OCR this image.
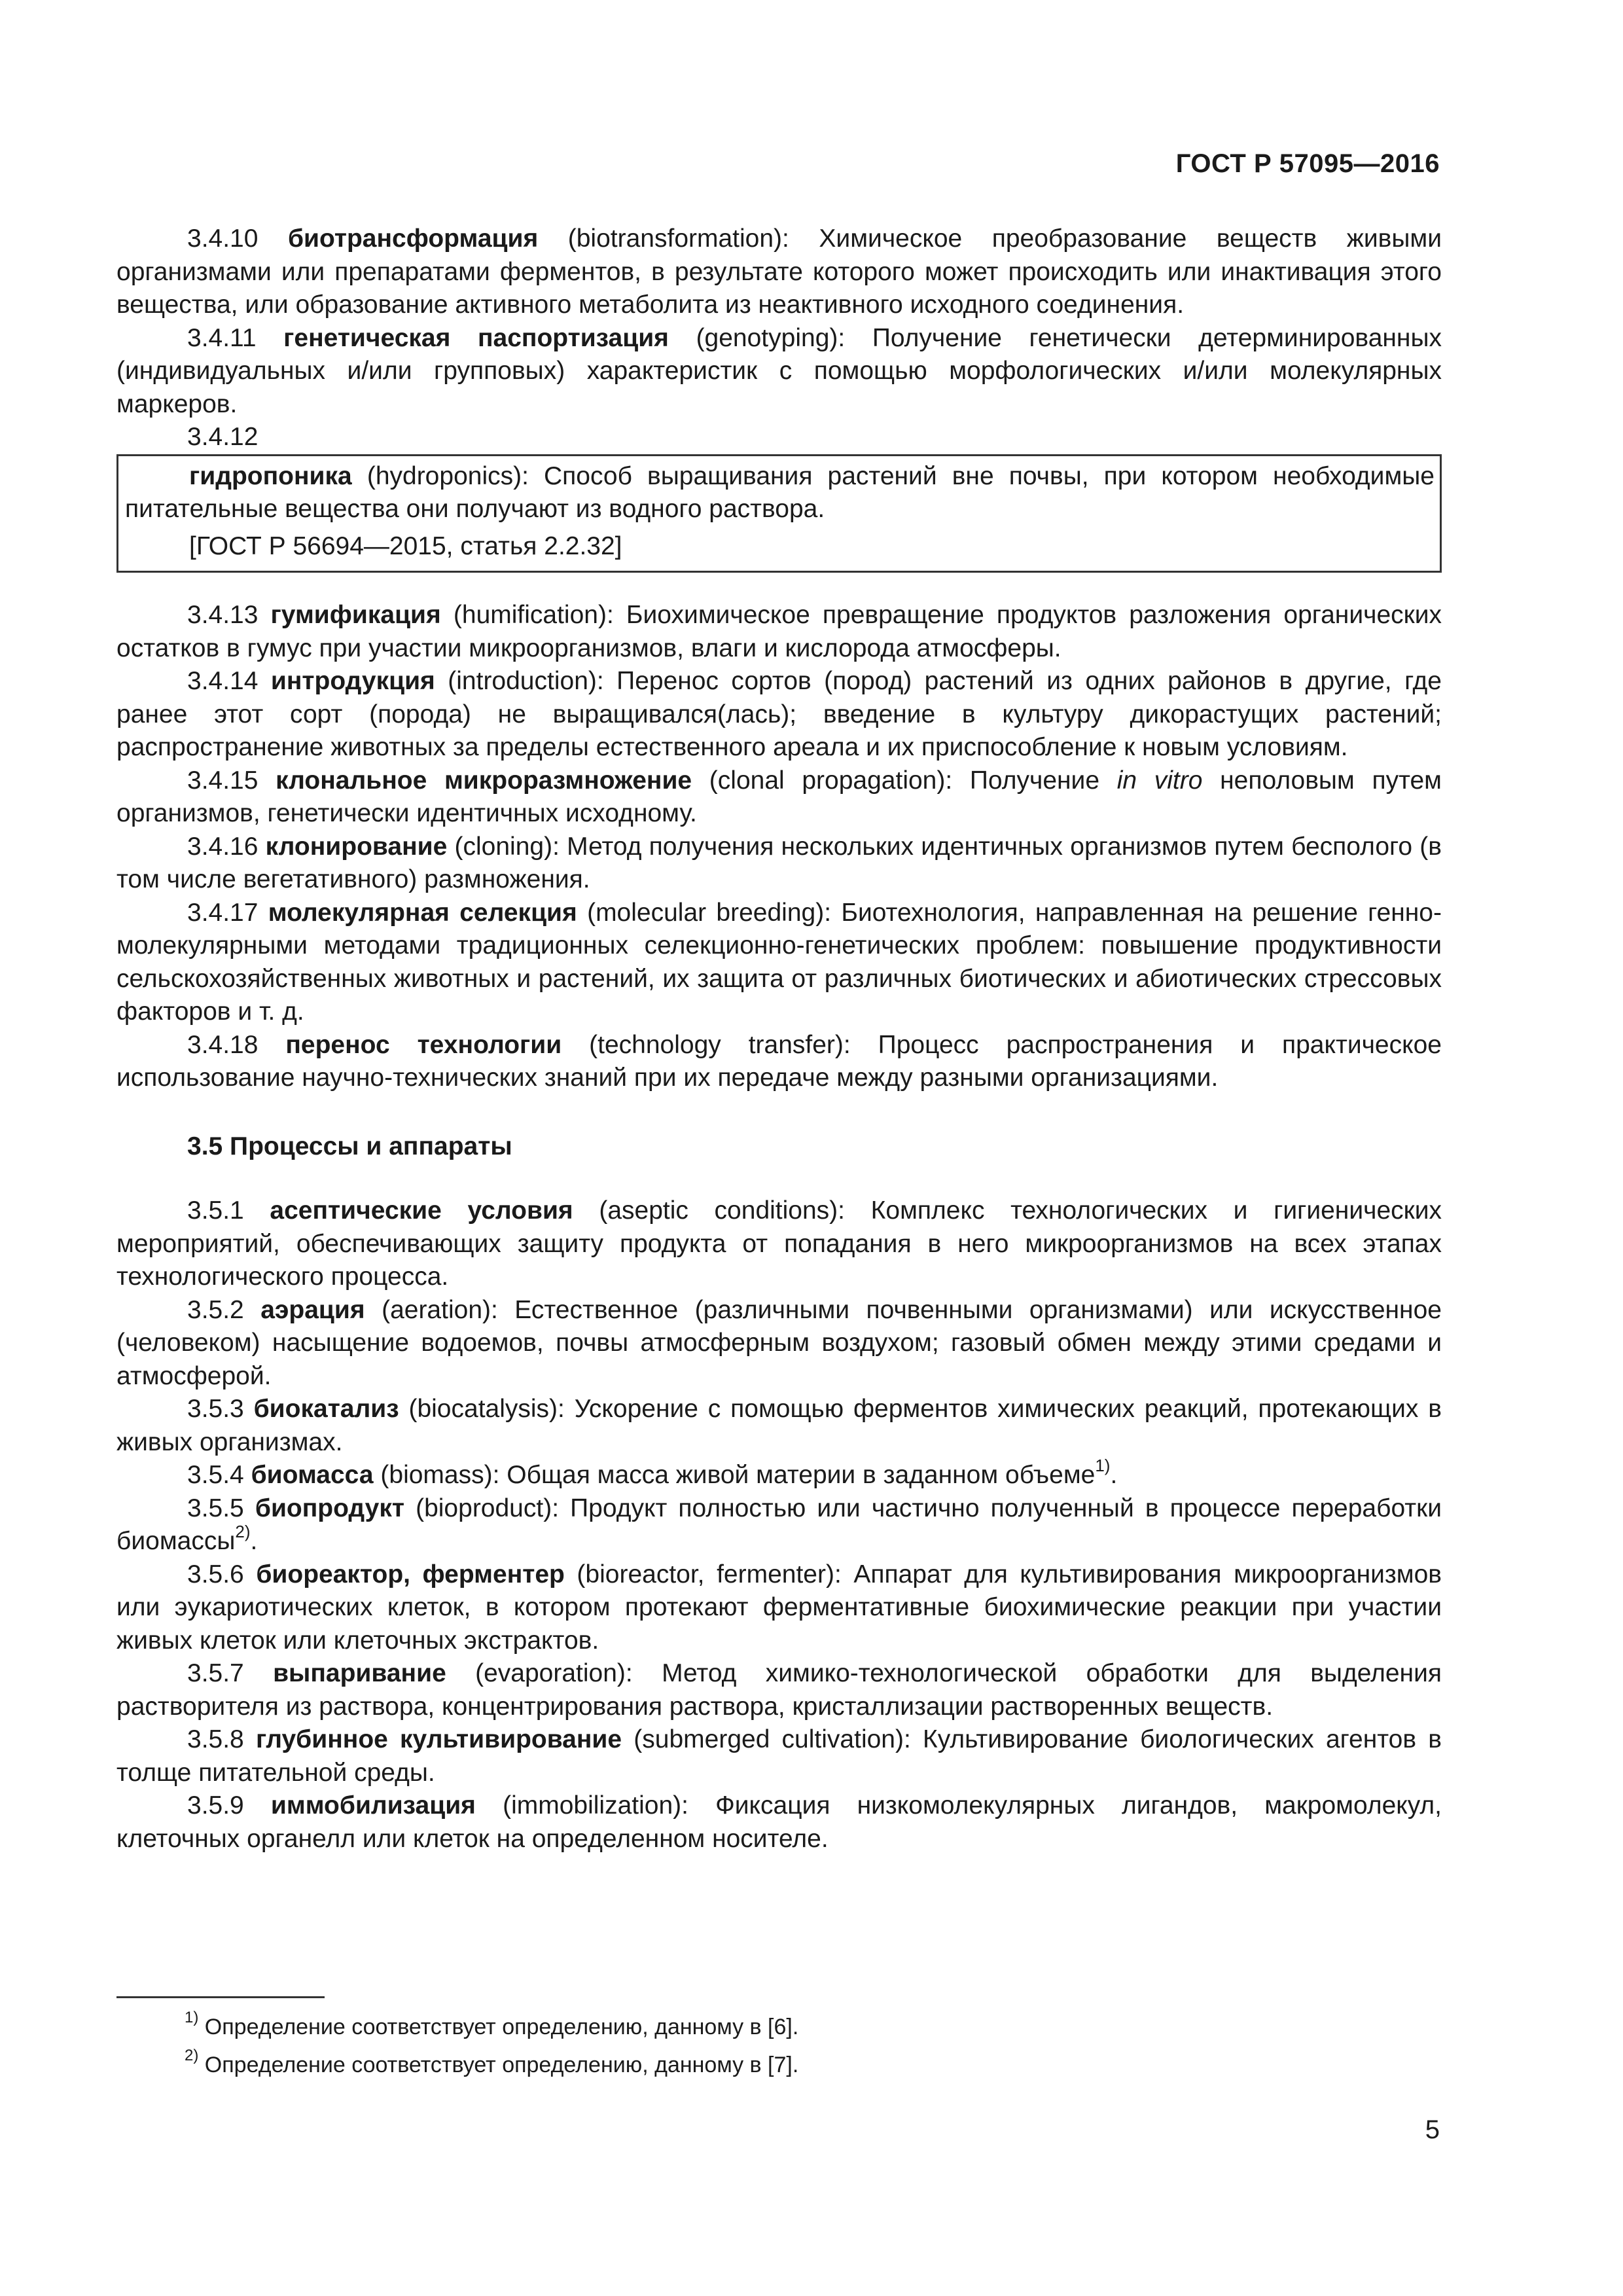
ГОСТ Р 57095—2016

3.4.10 биотрансформация (biotransformation): Химическое преобразование веществ живыми организмами или препаратами ферментов, в результате которого может происходить или инактивация этого вещества, или образование активного метаболита из неактивного исходного соединения.

3.4.11 генетическая паспортизация (genotyping): Получение генетически детерминированных (индивидуальных и/или групповых) характеристик с помощью морфологических и/или молекулярных маркеров.

3.4.12

гидропоника (hydroponics): Способ выращивания растений вне почвы, при котором необходимые питательные вещества они получают из водного раствора.

[ГОСТ Р 56694—2015, статья 2.2.32]

3.4.13 гумификация (humification): Биохимическое превращение продуктов разложения органических остатков в гумус при участии микроорганизмов, влаги и кислорода атмосферы.

3.4.14 интродукция (introduction): Перенос сортов (пород) растений из одних районов в другие, где ранее этот сорт (порода) не выращивался(лась); введение в культуру дикорастущих растений; распространение животных за пределы естественного ареала и их приспособление к новым условиям.

3.4.15 клональное микроразмножение (clonal propagation): Получение in vitro неполовым путем организмов, генетически идентичных исходному.

3.4.16 клонирование (cloning): Метод получения нескольких идентичных организмов путем бесполого (в том числе вегетативного) размножения.

3.4.17 молекулярная селекция (molecular breeding): Биотехнология, направленная на решение генно-молекулярными методами традиционных селекционно-генетических проблем: повышение продуктивности сельскохозяйственных животных и растений, их защита от различных биотических и абиотических стрессовых факторов и т. д.

3.4.18 перенос технологии (technology transfer): Процесс распространения и практическое использование научно-технических знаний при их передаче между разными организациями.

3.5 Процессы и аппараты

3.5.1 асептические условия (aseptic conditions): Комплекс технологических и гигиенических мероприятий, обеспечивающих защиту продукта от попадания в него микроорганизмов на всех этапах технологического процесса.

3.5.2 аэрация (aeration): Естественное (различными почвенными организмами) или искусственное (человеком) насыщение водоемов, почвы атмосферным воздухом; газовый обмен между этими средами и атмосферой.

3.5.3 биокатализ (biocatalysis): Ускорение с помощью ферментов химических реакций, протекающих в живых организмах.

3.5.4 биомасса (biomass): Общая масса живой материи в заданном объеме$^{1)}$.

3.5.5 биопродукт (bioproduct): Продукт полностью или частично полученный в процессе переработки биомассы$^{2)}$.

3.5.6 биореактор, ферментер (bioreactor, fermenter): Аппарат для культивирования микроорганизмов или эукариотических клеток, в котором протекают ферментативные биохимические реакции при участии живых клеток или клеточных экстрактов.

3.5.7 выпаривание (evaporation): Метод химико-технологической обработки для выделения растворителя из раствора, концентрирования раствора, кристаллизации растворенных веществ.

3.5.8 глубинное культивирование (submerged cultivation): Культивирование биологических агентов в толще питательной среды.

3.5.9 иммобилизация (immobilization): Фиксация низкомолекулярных лигандов, макромолекул, клеточных органелл или клеток на определенном носителе.

$^{1)}$ Определение соответствует определению, данному в [6].
$^{2)}$ Определение соответствует определению, данному в [7].
5
